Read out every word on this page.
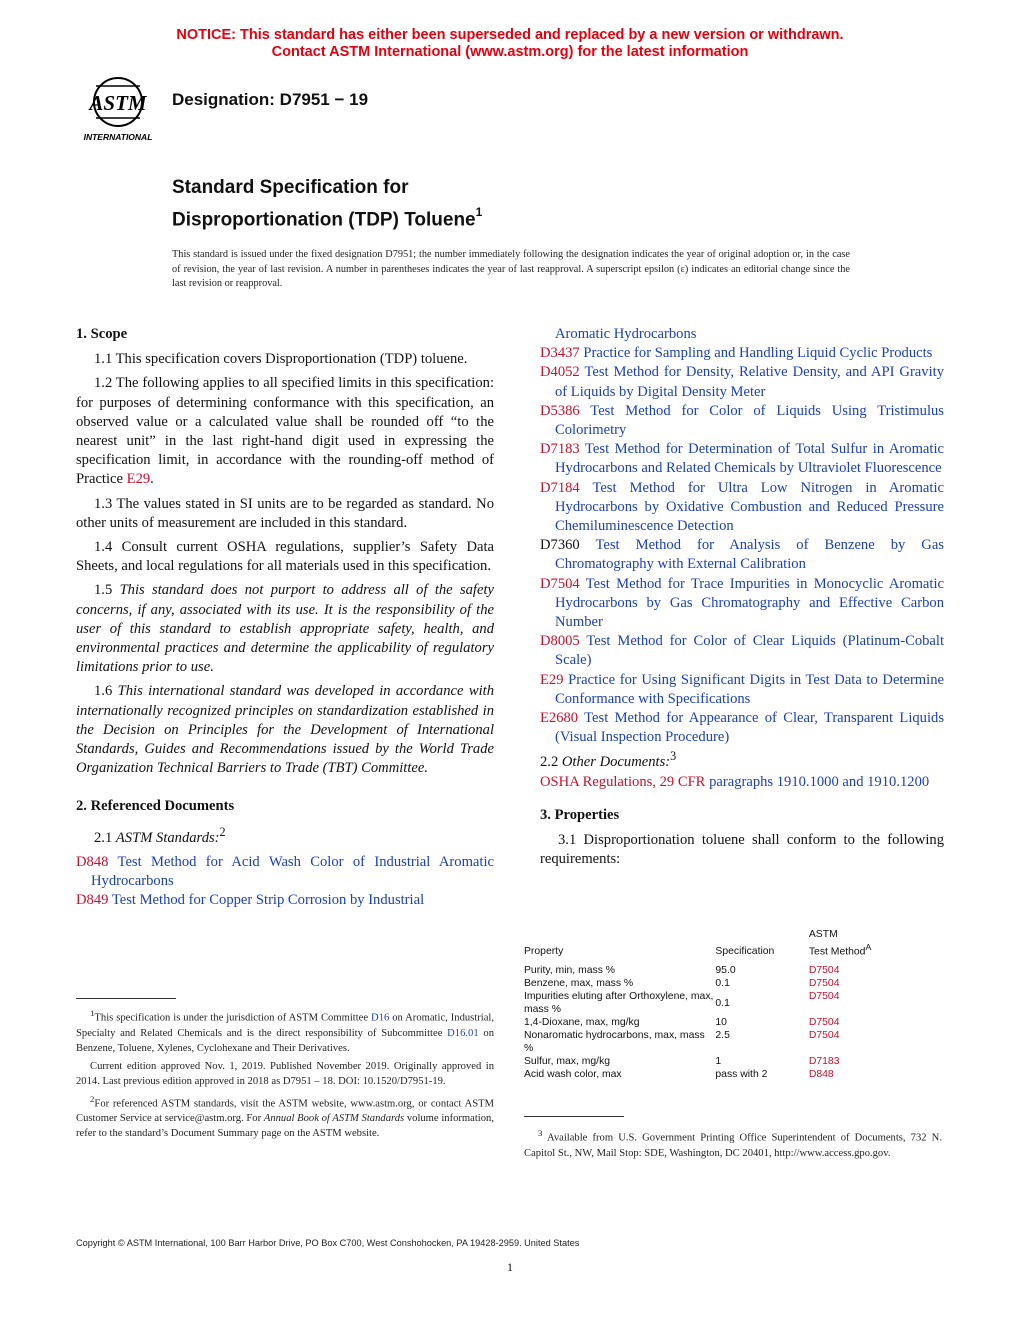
NOTICE: This standard has either been superseded and replaced by a new version or withdrawn.
Contact ASTM International (www.astm.org) for the latest information
ASTM
INTERNATIONAL
Designation: D7951 − 19
Standard Specification for
Disproportionation (TDP) Toluene$^1$
This standard is issued under the fixed designation D7951; the number immediately following the designation indicates the year of original adoption or, in the case of revision, the year of last revision. A number in parentheses indicates the year of last reapproval. A superscript epsilon (ε) indicates an editorial change since the last revision or reapproval.
1. Scope

1.1 This specification covers Disproportionation (TDP) toluene.

1.2 The following applies to all specified limits in this specification: for purposes of determining conformance with this specification, an observed value or a calculated value shall be rounded off “to the nearest unit” in the last right-hand digit used in expressing the specification limit, in accordance with the rounding-off method of Practice E29.

1.3 The values stated in SI units are to be regarded as standard. No other units of measurement are included in this standard.

1.4 Consult current OSHA regulations, supplier’s Safety Data Sheets, and local regulations for all materials used in this specification.

1.5 This standard does not purport to address all of the safety concerns, if any, associated with its use. It is the responsibility of the user of this standard to establish appropriate safety, health, and environmental practices and determine the applicability of regulatory limitations prior to use.

1.6 This international standard was developed in accordance with internationally recognized principles on standardization established in the Decision on Principles for the Development of International Standards, Guides and Recommendations issued by the World Trade Organization Technical Barriers to Trade (TBT) Committee.

2. Referenced Documents

2.1 ASTM Standards:$^2$

D848 Test Method for Acid Wash Color of Industrial Aromatic Hydrocarbons

D849 Test Method for Copper Strip Corrosion by Industrial

$^1$This specification is under the jurisdiction of ASTM Committee D16 on Aromatic, Industrial, Specialty and Related Chemicals and is the direct responsibility of Subcommittee D16.01 on Benzene, Toluene, Xylenes, Cyclohexane and Their Derivatives.

Current edition approved Nov. 1, 2019. Published November 2019. Originally approved in 2014. Last previous edition approved in 2018 as D7951 – 18. DOI: 10.1520/D7951-19.

$^2$For referenced ASTM standards, visit the ASTM website, www.astm.org, or contact ASTM Customer Service at service@astm.org. For Annual Book of ASTM Standards volume information, refer to the standard’s Document Summary page on the ASTM website.

Aromatic Hydrocarbons

D3437 Practice for Sampling and Handling Liquid Cyclic Products

D4052 Test Method for Density, Relative Density, and API Gravity of Liquids by Digital Density Meter

D5386 Test Method for Color of Liquids Using Tristimulus Colorimetry

D7183 Test Method for Determination of Total Sulfur in Aromatic Hydrocarbons and Related Chemicals by Ultraviolet Fluorescence

D7184 Test Method for Ultra Low Nitrogen in Aromatic Hydrocarbons by Oxidative Combustion and Reduced Pressure Chemiluminescence Detection

D7360 Test Method for Analysis of Benzene by Gas Chromatography with External Calibration

D7504 Test Method for Trace Impurities in Monocyclic Aromatic Hydrocarbons by Gas Chromatography and Effective Carbon Number

D8005 Test Method for Color of Clear Liquids (Platinum-Cobalt Scale)

E29 Practice for Using Significant Digits in Test Data to Determine Conformance with Specifications

E2680 Test Method for Appearance of Clear, Transparent Liquids (Visual Inspection Procedure)

2.2 Other Documents:$^3$

OSHA Regulations, 29 CFR paragraphs 1910.1000 and 1910.1200

3. Properties

3.1 Disproportionation toluene shall conform to the following requirements:

Property	Specification	ASTM
Test Method$^A$
Purity, min, mass %	95.0	D7504
Benzene, max, mass %	0.1	D7504
Impurities eluting after Orthoxylene, max, mass %	0.1	D7504
1,4-Dioxane, max, mg/kg	10	D7504
Nonaromatic hydrocarbons, max, mass %	2.5	D7504
Sulfur, max, mg/kg	1	D7183
Acid wash color, max	pass with 2	D848
$^3$ Available from U.S. Government Printing Office Superintendent of Documents, 732 N. Capitol St., NW, Mail Stop: SDE, Washington, DC 20401, http://www.access.gpo.gov.
Copyright © ASTM International, 100 Barr Harbor Drive, PO Box C700, West Conshohocken, PA 19428-2959. United States
1
